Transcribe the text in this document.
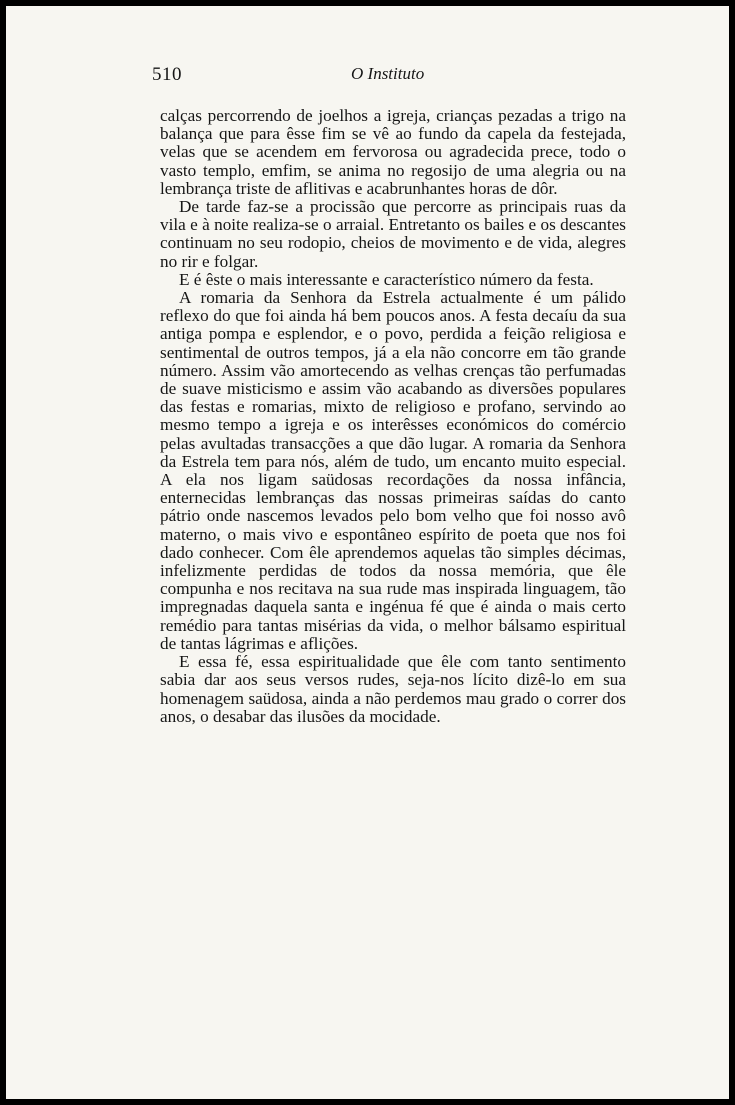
510	O Instituto

calças percorrendo de joelhos a igreja, crianças pezadas a trigo na balança que para êsse fim se vê ao fundo da capela da festejada, velas que se acendem em fervorosa ou agradecida prece, todo o vasto templo, emfim, se anima no regosijo de uma alegria ou na lembrança triste de aflitivas e acabrunhantes horas de dôr.

De tarde faz-se a procissão que percorre as principais ruas da vila e à noite realiza-se o arraial. Entretanto os bailes e os descantes continuam no seu rodopio, cheios de movimento e de vida, alegres no rir e folgar.

E é êste o mais interessante e característico número da festa.

A romaria da Senhora da Estrela actualmente é um pálido reflexo do que foi ainda há bem poucos anos. A festa decaíu da sua antiga pompa e esplendor, e o povo, perdida a feição religiosa e sentimental de outros tempos, já a ela não concorre em tão grande número. Assim vão amortecendo as velhas crenças tão perfumadas de suave misticismo e assim vão acabando as diversões populares das festas e romarias, mixto de religioso e profano, servindo ao mesmo tempo a igreja e os interêsses económicos do comércio pelas avultadas transacções a que dão lugar. A romaria da Senhora da Estrela tem para nós, além de tudo, um encanto muito especial. A ela nos ligam saüdosas recordações da nossa infância, enternecidas lembranças das nossas primeiras saídas do canto pátrio onde nascemos levados pelo bom velho que foi nosso avô materno, o mais vivo e espontâneo espírito de poeta que nos foi dado conhecer. Com êle aprendemos aquelas tão simples décimas, infelizmente perdidas de todos da nossa memória, que êle compunha e nos recitava na sua rude mas inspirada linguagem, tão impregnadas daquela santa e ingénua fé que é ainda o mais certo remédio para tantas misérias da vida, o melhor bálsamo espiritual de tantas lágrimas e aflições.

E essa fé, essa espiritualidade que êle com tanto sentimento sabia dar aos seus versos rudes, seja-nos lícito dizê-lo em sua homenagem saüdosa, ainda a não perdemos mau grado o correr dos anos, o desabar das ilusões da mocidade.
